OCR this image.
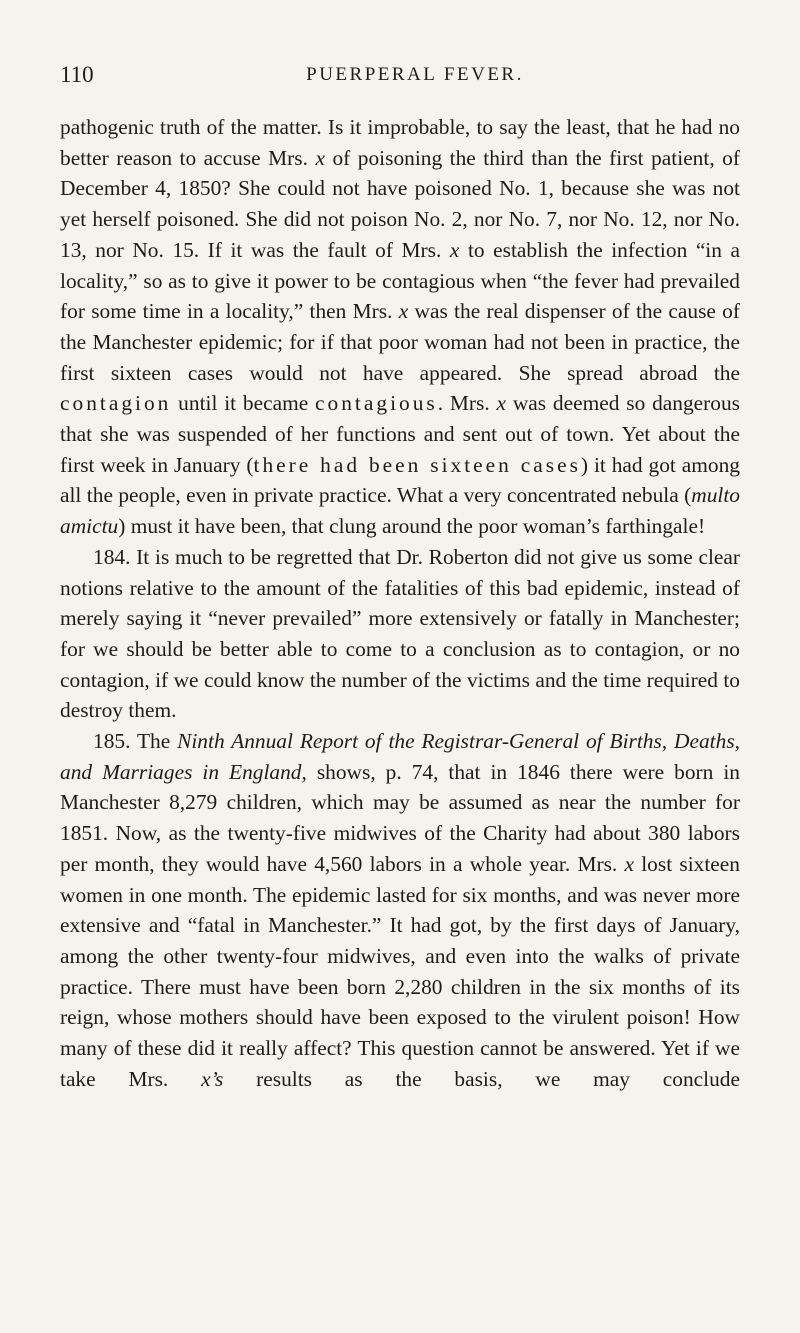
110	PUERPERAL FEVER.

pathogenic truth of the matter. Is it improbable, to say the least, that he had no better reason to accuse Mrs. x of poisoning the third than the first patient, of December 4, 1850? She could not have poisoned No. 1, because she was not yet herself poisoned. She did not poison No. 2, nor No. 7, nor No. 12, nor No. 13, nor No. 15. If it was the fault of Mrs. x to establish the infection “in a locality,” so as to give it power to be contagious when “the fever had prevailed for some time in a locality,” then Mrs. x was the real dispenser of the cause of the Manchester epidemic; for if that poor woman had not been in practice, the first sixteen cases would not have appeared. She spread abroad the contagion until it became contagious. Mrs. x was deemed so dangerous that she was suspended of her functions and sent out of town. Yet about the first week in January (there had been sixteen cases) it had got among all the people, even in private practice. What a very concentrated nebula (multo amictu) must it have been, that clung around the poor woman’s farthingale!

184. It is much to be regretted that Dr. Roberton did not give us some clear notions relative to the amount of the fatalities of this bad epidemic, instead of merely saying it “never prevailed” more extensively or fatally in Manchester; for we should be better able to come to a conclusion as to contagion, or no contagion, if we could know the number of the victims and the time required to destroy them.

185. The Ninth Annual Report of the Registrar-General of Births, Deaths, and Marriages in England, shows, p. 74, that in 1846 there were born in Manchester 8,279 children, which may be assumed as near the number for 1851. Now, as the twenty-five midwives of the Charity had about 380 labors per month, they would have 4,560 labors in a whole year. Mrs. x lost sixteen women in one month. The epidemic lasted for six months, and was never more extensive and “fatal in Manchester.” It had got, by the first days of January, among the other twenty-four midwives, and even into the walks of private practice. There must have been born 2,280 children in the six months of its reign, whose mothers should have been exposed to the virulent poison! How many of these did it really affect? This question cannot be answered. Yet if we take Mrs. x’s results as the basis, we may conclude
